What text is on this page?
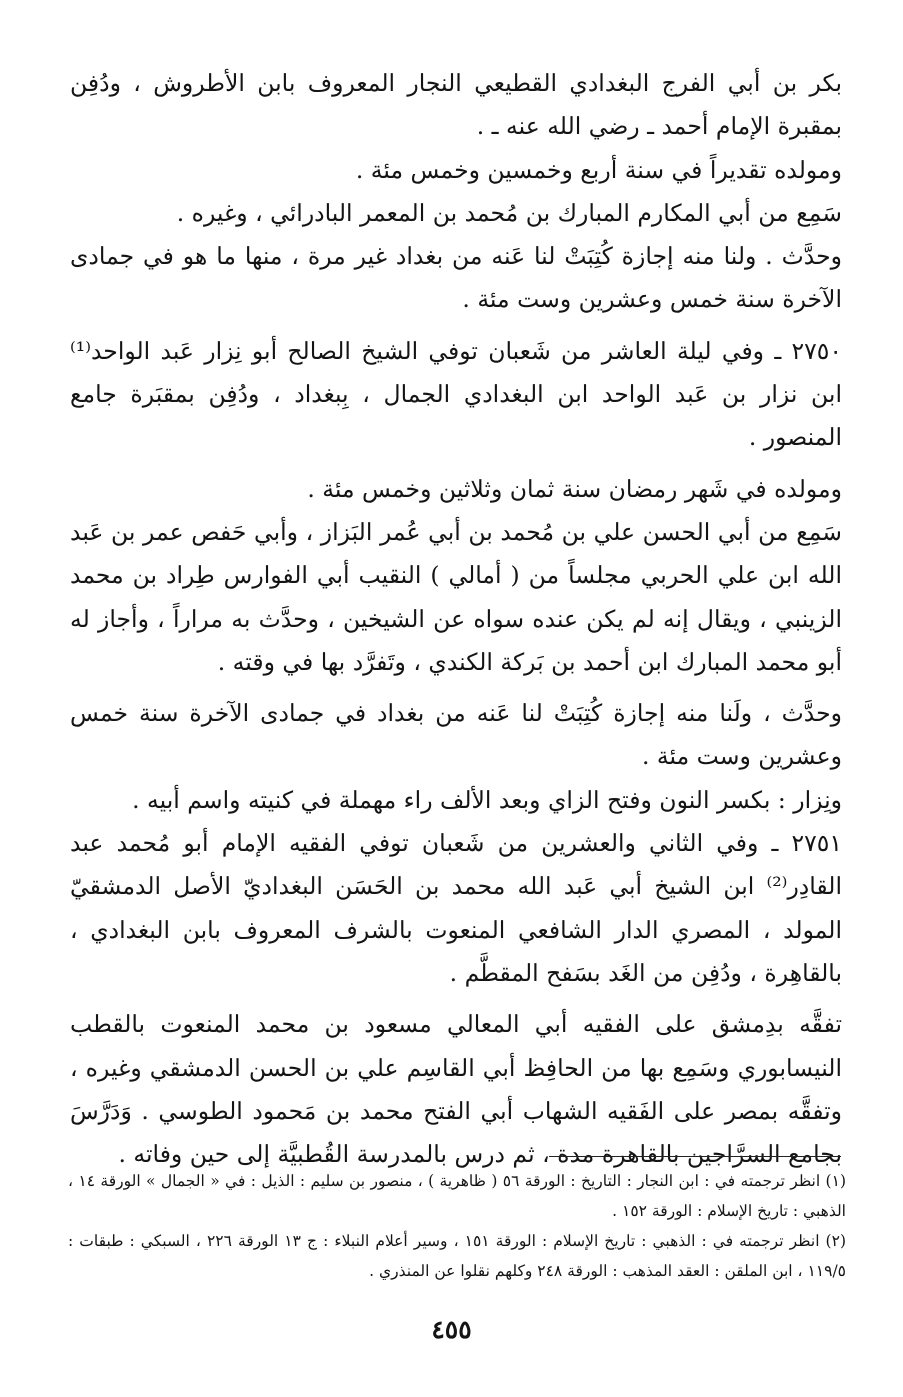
بكر بن أبي الفرج البغدادي القطيعي النجار المعروف بابن الأطروش ، ودُفِن بمقبرة الإمام أحمد ـ رضي الله عنه ـ .

ومولده تقديراً في سنة أربع وخمسين وخمس مئة .

سَمِع من أبي المكارم المبارك بن مُحمد بن المعمر البادرائي ، وغيره .

وحدَّث . ولنا منه إجازة كُتِبَتْ لنا عَنه من بغداد غير مرة ، منها ما هو في جمادى الآخرة سنة خمس وعشرين وست مئة .

٢٧٥٠ ـ وفي ليلة العاشر من شَعبان توفي الشيخ الصالح أبو نِزار عَبد الواحد⁽¹⁾ ابن نزار بن عَبد الواحد ابن البغدادي الجمال ، بِبغداد ، ودُفِن بمقبَرة جامع المنصور .

ومولده في شَهر رمضان سنة ثمان وثلاثين وخمس مئة .

سَمِع من أبي الحسن علي بن مُحمد بن أبي عُمر البَزاز ، وأبي حَفص عمر بن عَبد الله ابن علي الحربي مجلساً من ( أمالي ) النقيب أبي الفوارس طِراد بن محمد الزينبي ، ويقال إنه لم يكن عنده سواه عن الشيخين ، وحدَّث به مراراً ، وأجاز له أبو محمد المبارك ابن أحمد بن بَركة الكندي ، وتَفرَّد بها في وقته .

وحدَّث ، ولَنا منه إجازة كُتِبَتْ لنا عَنه من بغداد في جمادى الآخرة سنة خمس وعشرين وست مئة .

ونِزار : بكسر النون وفتح الزاي وبعد الألف راء مهملة في كنيته واسم أبيه .

٢٧٥١ ـ وفي الثاني والعشرين من شَعبان توفي الفقيه الإمام أبو مُحمد عبد القادِر⁽²⁾ ابن الشيخ أبي عَبد الله محمد بن الحَسَن البغداديّ الأصل الدمشقيّ المولد ، المصري الدار الشافعي المنعوت بالشرف المعروف بابن البغدادي ، بالقاهِرة ، ودُفِن من الغَد بسَفح المقطَّم .

تفقَّه بدِمشق على الفقيه أبي المعالي مسعود بن محمد المنعوت بالقطب النيسابوري وسَمِع بها من الحافِظ أبي القاسِم علي بن الحسن الدمشقي وغيره ، وتفقَّه بمصر على الفَقيه الشهاب أبي الفتح محمد بن مَحمود الطوسي . وَدَرَّسَ بجامع السرَّاجين بالقاهرة مدة ، ثم درس بالمدرسة القُطبيَّة إلى حين وفاته .

(١) انظر ترجمته في : ابن النجار : التاريخ : الورقة ٥٦ ( ظاهرية ) ، منصور بن سليم : الذيل : في « الجمال » الورقة ١٤ ، الذهبي : تاريخ الإسلام : الورقة ١٥٢ .
(٢) انظر ترجمته في : الذهبي : تاريخ الإسلام : الورقة ١٥١ ، وسير أعلام النبلاء : ج ١٣ الورقة ٢٢٦ ، السبكي : طبقات : ١١٩/٥ ، ابن الملقن : العقد المذهب : الورقة ٢٤٨ وكلهم نقلوا عن المنذري .
٤٥٥
